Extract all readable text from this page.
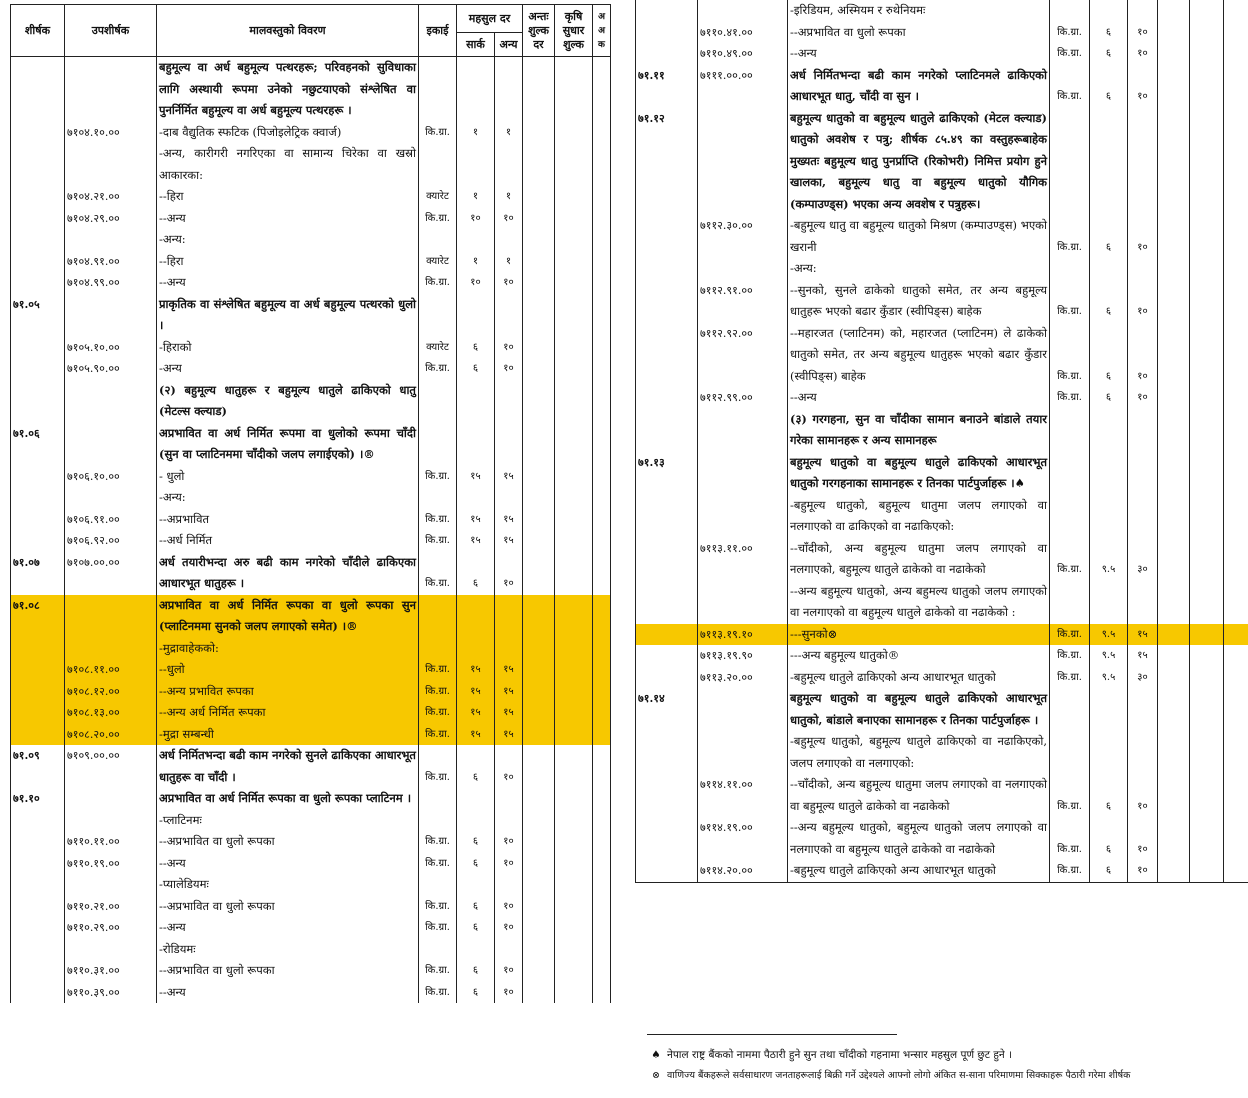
शीर्षक	उपशीर्षक	मालवस्तुको विवरण	इकाई	महसुल दर		अन्तः शुल्क दर	कृषि सुधार शुल्क	अ अ क
				सार्क	अन्य			
		बहुमूल्य वा अर्ध बहुमूल्य पत्थरहरू; परिवहनको सुविधाका लागि अस्थायी रूपमा उनेको नछुटयाएको संश्लेषित वा पुनर्निर्मित बहुमूल्य वा अर्ध बहुमूल्य पत्थरहरू ।						
	७१०४.१०.००	-दाब वैद्युतिक स्फटिक (पिजोइलेट्रिक क्वार्ज)	कि.ग्रा.	१	१			
		-अन्य, कारीगरी नगरिएका वा सामान्य चिरेका वा खस्रो आकारका:						
	७१०४.२१.००	--हिरा	क्यारेट	१	१			
	७१०४.२९.००	--अन्य	कि.ग्रा.	१०	१०			
		-अन्य:						
	७१०४.९१.००	--हिरा	क्यारेट	१	१			
	७१०४.९९.००	--अन्य	कि.ग्रा.	१०	१०			
७१.०५		प्राकृतिक वा संश्लेषित बहुमूल्य वा अर्ध बहुमूल्य पत्थरको धुलो ।						
	७१०५.१०.००	-हिराको	क्यारेट	६	१०			
	७१०५.९०.००	-अन्य	कि.ग्रा.	६	१०			
		(२) बहुमूल्य धातुहरू र बहुमूल्य धातुले ढाकिएको धातु (मेटल्स क्ल्याड)						
७१.०६		अप्रभावित वा अर्ध निर्मित रूपमा वा धुलोको रूपमा चाँदी (सुन वा प्लाटिनममा चाँदीको जलप लगाईएको) ।®						
	७१०६.१०.००	- धुलो	कि.ग्रा.	१५	१५			
		-अन्य:						
	७१०६.९१.००	--अप्रभावित	कि.ग्रा.	१५	१५			
	७१०६.९२.००	--अर्ध निर्मित	कि.ग्रा.	१५	१५			
७१.०७	७१०७.००.००	अर्ध तयारीभन्दा अरु बढी काम नगरेको चाँदीले ढाकिएका आधारभूत धातुहरू ।	कि.ग्रा.	६	१०			
७१.०८		अप्रभावित वा अर्ध निर्मित रूपका वा धुलो रूपका सुन (प्लाटिनममा सुनको जलप लगाएको समेत) ।®						
		-मुद्रावाहेकको:						
	७१०८.११.००	--धुलो	कि.ग्रा.	१५	१५			
	७१०८.१२.००	--अन्य प्रभावित रूपका	कि.ग्रा.	१५	१५			
	७१०८.१३.००	--अन्य अर्ध निर्मित रूपका	कि.ग्रा.	१५	१५			
	७१०८.२०.००	-मुद्रा सम्बन्धी	कि.ग्रा.	१५	१५			
७१.०९	७१०९.००.००	अर्ध निर्मितभन्दा बढी काम नगरेको सुनले ढाकिएका आधारभूत धातुहरू वा चाँदी ।	कि.ग्रा.	६	१०			
७१.१०		अप्रभावित वा अर्ध निर्मित रूपका वा धुलो रूपका प्लाटिनम ।						
		-प्लाटिनमः						
	७११०.११.००	--अप्रभावित वा धुलो रूपका	कि.ग्रा.	६	१०			
	७११०.१९.००	--अन्य	कि.ग्रा.	६	१०			
		-प्यालेडियमः						
	७११०.२१.००	--अप्रभावित वा धुलो रूपका	कि.ग्रा.	६	१०			
	७११०.२९.००	--अन्य	कि.ग्रा.	६	१०			
		-रोडियमः						
	७११०.३१.००	--अप्रभावित वा धुलो रूपका	कि.ग्रा.	६	१०			
	७११०.३९.००	--अन्य	कि.ग्रा.	६	१०			
		-इरिडियम, अस्मियम र रुथेनियमः						
	७११०.४१.००	--अप्रभावित वा धुलो रूपका	कि.ग्रा.	६	१०			
	७११०.४९.००	--अन्य	कि.ग्रा.	६	१०			
७१.११	७१११.००.००	अर्ध निर्मितभन्दा बढी काम नगरेको प्लाटिनमले ढाकिएको आधारभूत धातु, चाँदी वा सुन ।	कि.ग्रा.	६	१०			
७१.१२		बहुमूल्य धातुको वा बहुमूल्य धातुले ढाकिएको (मेटल क्ल्याड) धातुको अवशेष र पत्रु; शीर्षक ८५.४९ का वस्तुहरूबाहेक मुख्यतः बहुमूल्य धातु पुनर्प्राप्ति (रिकोभरी) निमित्त प्रयोग हुने खालका, बहुमूल्य धातु वा बहुमूल्य धातुको यौगिक (कम्पाउण्ड्स) भएका अन्य अवशेष र पत्रुहरू।						
	७११२.३०.००	-बहुमूल्य धातु वा बहुमूल्य धातुको मिश्रण (कम्पाउण्ड्स) भएको खरानी	कि.ग्रा.	६	१०			
		-अन्य:						
	७११२.९१.००	--सुनको, सुनले ढाकेको धातुको समेत, तर अन्य बहुमूल्य धातुहरू भएको बढार कुँडार (स्वीपिङ्स) बाहेक	कि.ग्रा.	६	१०			
	७११२.९२.००	--महारजत (प्लाटिनम) को, महारजत (प्लाटिनम) ले ढाकेको धातुको समेत, तर अन्य बहुमूल्य धातुहरू भएको बढार कुँडार (स्वीपिङ्स) बाहेक	कि.ग्रा.	६	१०			
	७११२.९९.००	--अन्य	कि.ग्रा.	६	१०			
		(३) गरगहना, सुन वा चाँदीका सामान बनाउने बांडाले तयार गरेका सामानहरू र अन्य सामानहरू						
७१.१३		बहुमूल्य धातुको वा बहुमूल्य धातुले ढाकिएको आधारभूत धातुको गरगहनाका सामानहरू र तिनका पार्टपुर्जाहरू ।♠						
		-बहुमूल्य धातुको, बहुमूल्य धातुमा जलप लगाएको वा नलगाएको वा ढाकिएको वा नढाकिएको:						
	७११३.११.००	--चाँदीको, अन्य बहुमूल्य धातुमा जलप लगाएको वा नलगाएको, बहुमूल्य धातुले ढाकेको वा नढाकेको	कि.ग्रा.	९.५	३०			
		--अन्य बहुमूल्य धातुको, अन्य बहुमल्य धातुको जलप लगाएको वा नलगाएको वा बहुमूल्य धातुले ढाकेको वा नढाकेको :						
	७११३.१९.१०	---सुनको⊗	कि.ग्रा.	९.५	१५			
	७११३.१९.९०	---अन्य बहुमूल्य धातुको®	कि.ग्रा.	९.५	१५			
	७११३.२०.००	-बहुमूल्य धातुले ढाकिएको अन्य आधारभूत धातुको	कि.ग्रा.	९.५	३०			
७१.१४		बहुमूल्य धातुको वा बहुमूल्य धातुले ढाकिएको आधारभूत धातुको, बांडाले बनाएका सामानहरू र तिनका पार्टपुर्जाहरू ।						
		-बहुमूल्य धातुको, बहुमूल्य धातुले ढाकिएको वा नढाकिएको, जलप लगाएको वा नलगाएको:						
	७११४.११.००	--चाँदीको, अन्य बहुमूल्य धातुमा जलप लगाएको वा नलगाएको वा बहुमूल्य धातुले ढाकेको वा नढाकेको	कि.ग्रा.	६	१०			
	७११४.१९.००	--अन्य बहुमूल्य धातुको, बहुमूल्य धातुको जलप लगाएको वा नलगाएको वा बहुमूल्य धातुले ढाकेको वा नढाकेको	कि.ग्रा.	६	१०			
	७११४.२०.००	-बहुमूल्य धातुले ढाकिएको अन्य आधारभूत धातुको	कि.ग्रा.	६	१०			
♠ नेपाल राष्ट्र बैंकको नाममा पैठारी हुने सुन तथा चाँदीको गहनामा भन्सार महसुल पूर्ण छुट हुने ।
⊗ वाणिज्य बैंकहरूले सर्वसाधारण जनताहरूलाई बिक्री गर्ने उद्देश्यले आफ्नो लोगो अंकित स-साना परिमाणमा सिक्काहरू पैठारी गरेमा शीर्षक
